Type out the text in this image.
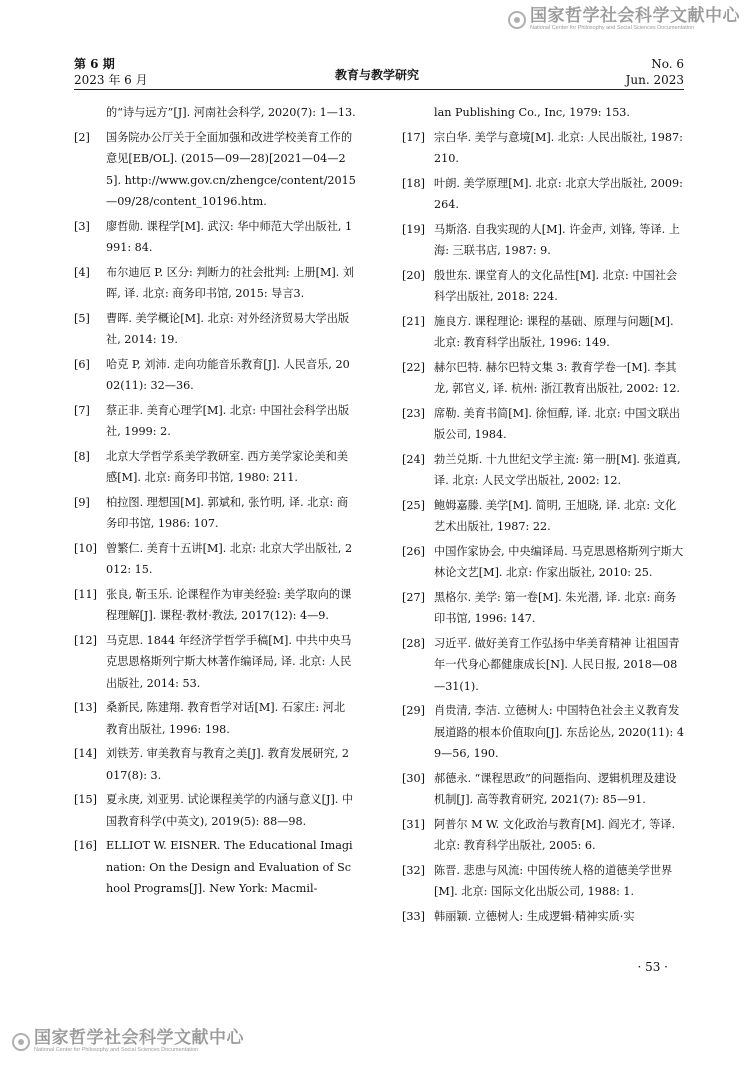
国家哲学社会科学文献中心
National Center for Philosophy and Social Sciences Documentation
第 6 期
2023 年 6 月	教育与教学研究
No. 6
Jun. 2023
的“诗与远方”[J]. 河南社会科学, 2020(7): 1—13.
[2] 国务院办公厅关于全面加强和改进学校美育工作的意见[EB/OL]. (2015—09—28)[2021—04—25]. http://www.gov.cn/zhengce/content/2015—09/28/content_10196.htm.
[3] 廖哲勋. 课程学[M]. 武汉: 华中师范大学出版社, 1991: 84.
[4] 布尔迪厄 P. 区分: 判断力的社会批判: 上册[M]. 刘晖, 译. 北京: 商务印书馆, 2015: 导言3.
[5] 曹晖. 美学概论[M]. 北京: 对外经济贸易大学出版社, 2014: 19.
[6] 哈克 P, 刘沛. 走向功能音乐教育[J]. 人民音乐, 2002(11): 32—36.
[7] 蔡正非. 美育心理学[M]. 北京: 中国社会科学出版社, 1999: 2.
[8] 北京大学哲学系美学教研室. 西方美学家论美和美感[M]. 北京: 商务印书馆, 1980: 211.
[9] 柏拉图. 理想国[M]. 郭斌和, 张竹明, 译. 北京: 商务印书馆, 1986: 107.
[10] 曾繁仁. 美育十五讲[M]. 北京: 北京大学出版社, 2012: 15.
[11] 张良, 靳玉乐. 论课程作为审美经验: 美学取向的课程理解[J]. 课程·教材·教法, 2017(12): 4—9.
[12] 马克思. 1844 年经济学哲学手稿[M]. 中共中央马克思恩格斯列宁斯大林著作编译局, 译. 北京: 人民出版社, 2014: 53.
[13] 桑新民, 陈建翔. 教育哲学对话[M]. 石家庄: 河北教育出版社, 1996: 198.
[14] 刘铁芳. 审美教育与教育之美[J]. 教育发展研究, 2017(8): 3.
[15] 夏永庚, 刘亚男. 试论课程美学的内涵与意义[J]. 中国教育科学(中英文), 2019(5): 88—98.
[16] ELLIOT W. EISNER. The Educational Imagination: On the Design and Evaluation of School Programs[J]. New York: Macmil-
lan Publishing Co., Inc, 1979: 153.
[17] 宗白华. 美学与意境[M]. 北京: 人民出版社, 1987: 210.
[18] 叶朗. 美学原理[M]. 北京: 北京大学出版社, 2009: 264.
[19] 马斯洛. 自我实现的人[M]. 许金声, 刘锋, 等译. 上海: 三联书店, 1987: 9.
[20] 殷世东. 课堂育人的文化品性[M]. 北京: 中国社会科学出版社, 2018: 224.
[21] 施良方. 课程理论: 课程的基础、原理与问题[M]. 北京: 教育科学出版社, 1996: 149.
[22] 赫尔巴特. 赫尔巴特文集 3: 教育学卷一[M]. 李其龙, 郭官义, 译. 杭州: 浙江教育出版社, 2002: 12.
[23] 席勒. 美育书简[M]. 徐恒醇, 译. 北京: 中国文联出版公司, 1984.
[24] 勃兰兑斯. 十九世纪文学主流: 第一册[M]. 张道真, 译. 北京: 人民文学出版社, 2002: 12.
[25] 鲍姆嘉滕. 美学[M]. 简明, 王旭晓, 译. 北京: 文化艺术出版社, 1987: 22.
[26] 中国作家协会, 中央编译局. 马克思恩格斯列宁斯大林论文艺[M]. 北京: 作家出版社, 2010: 25.
[27] 黑格尔. 美学: 第一卷[M]. 朱光潜, 译. 北京: 商务印书馆, 1996: 147.
[28] 习近平. 做好美育工作弘扬中华美育精神 让祖国青年一代身心都健康成长[N]. 人民日报, 2018—08—31(1).
[29] 肖贵清, 李洁. 立德树人: 中国特色社会主义教育发展道路的根本价值取向[J]. 东岳论丛, 2020(11): 49—56, 190.
[30] 郝德永. “课程思政”的问题指向、逻辑机理及建设机制[J]. 高等教育研究, 2021(7): 85—91.
[31] 阿普尔 M W. 文化政治与教育[M]. 阎光才, 等译. 北京: 教育科学出版社, 2005: 6.
[32] 陈晋. 悲患与风流: 中国传统人格的道德美学世界[M]. 北京: 国际文化出版公司, 1988: 1.
[33] 韩丽颖. 立德树人: 生成逻辑·精神实质·实
· 53 ·
国家哲学社会科学文献中心
National Center for Philosophy and Social Sciences Documentation
